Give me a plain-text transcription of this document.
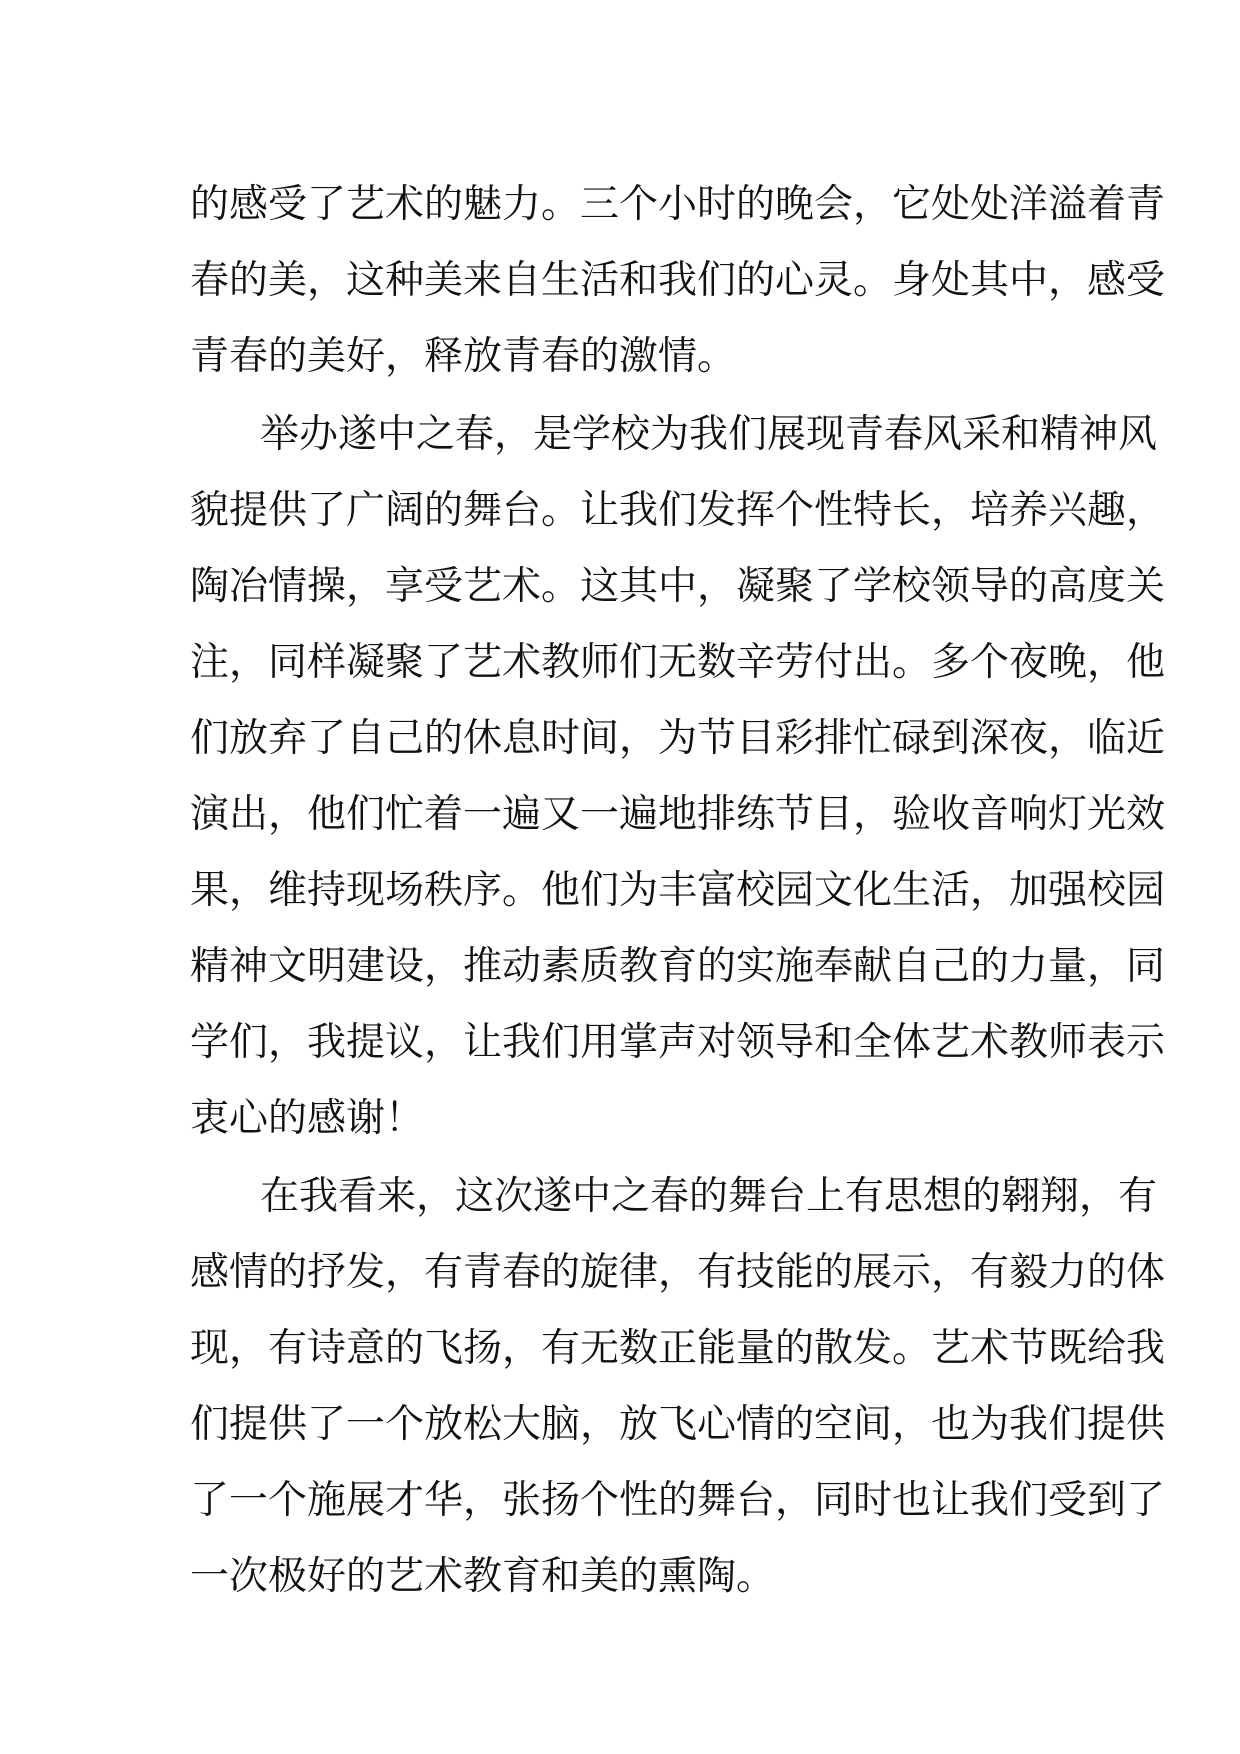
的感受了艺术的魅力。三个小时的晚会，它处处洋溢着青
春的美，这种美来自生活和我们的心灵。身处其中，感受
青春的美好，释放青春的激情。
举办遂中之春，是学校为我们展现青春风采和精神风
貌提供了广阔的舞台。让我们发挥个性特长，培养兴趣，
陶冶情操，享受艺术。这其中，凝聚了学校领导的高度关
注，同样凝聚了艺术教师们无数辛劳付出。多个夜晚，他
们放弃了自己的休息时间，为节目彩排忙碌到深夜，临近
演出，他们忙着一遍又一遍地排练节目，验收音响灯光效
果，维持现场秩序。他们为丰富校园文化生活，加强校园
精神文明建设，推动素质教育的实施奉献自己的力量，同
学们，我提议，让我们用掌声对领导和全体艺术教师表示
衷心的感谢！
在我看来，这次遂中之春的舞台上有思想的翱翔，有
感情的抒发，有青春的旋律，有技能的展示，有毅力的体
现，有诗意的飞扬，有无数正能量的散发。艺术节既给我
们提供了一个放松大脑，放飞心情的空间，也为我们提供
了一个施展才华，张扬个性的舞台，同时也让我们受到了
一次极好的艺术教育和美的熏陶。
